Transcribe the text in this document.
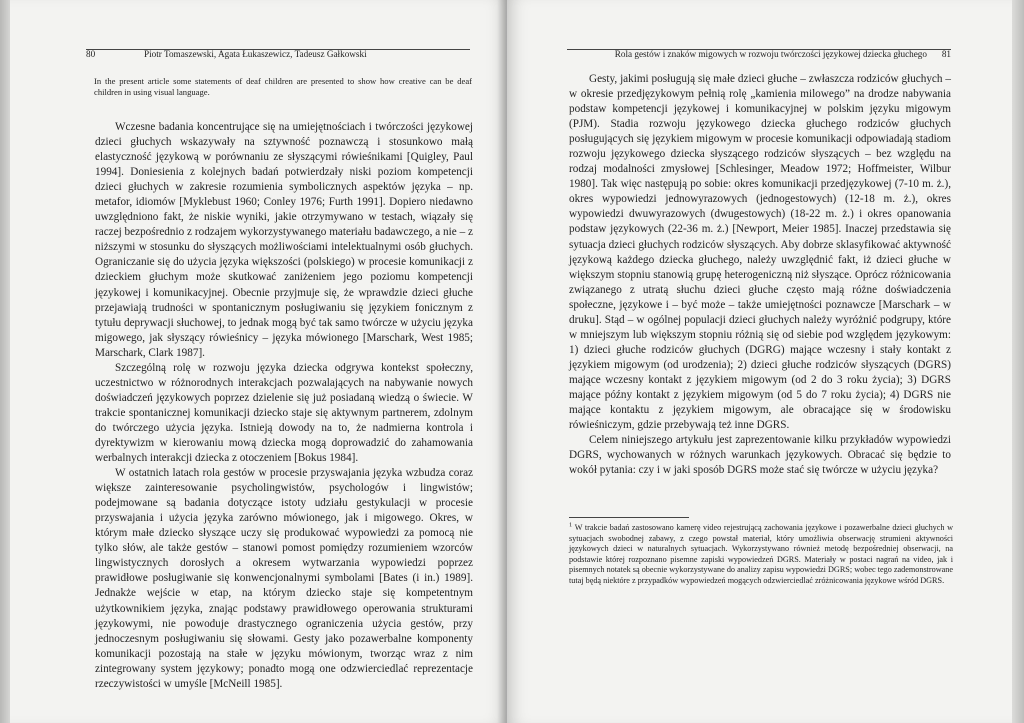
80	Piotr Tomaszewski, Agata Łukaszewicz, Tadeusz Gałkowski
In the present article some statements of deaf children are presented to show how creative can be deaf children in using visual language.

Wczesne badania koncentrujące się na umiejętnościach i twórczości językowej dzieci głuchych wskazywały na sztywność poznawczą i stosunkowo małą elastyczność językową w porównaniu ze słyszącymi rówieśnikami [Quigley, Paul 1994]. Doniesienia z kolejnych badań potwierdzały niski poziom kompetencji dzieci głuchych w zakresie rozumienia symbolicznych aspektów języka – np. metafor, idiomów [Myklebust 1960; Conley 1976; Furth 1991]. Dopiero niedawno uwzględniono fakt, że niskie wyniki, jakie otrzymywano w testach, wiązały się raczej bezpośrednio z rodzajem wykorzystywanego materiału badawczego, a nie – z niższymi w stosunku do słyszących możliwościami intelektualnymi osób głuchych. Ograniczanie się do użycia języka większości (polskiego) w procesie komunikacji z dzieckiem głuchym może skutkować zaniżeniem jego poziomu kompetencji językowej i komunikacyjnej. Obecnie przyjmuje się, że wprawdzie dzieci głuche przejawiają trudności w spontanicznym posługiwaniu się językiem fonicznym z tytułu deprywacji słuchowej, to jednak mogą być tak samo twórcze w użyciu języka migowego, jak słyszący rówieśnicy – języka mówionego [Marschark, West 1985; Marschark, Clark 1987].

Szczególną rolę w rozwoju języka dziecka odgrywa kontekst społeczny, uczestnictwo w różnorodnych interakcjach pozwalających na nabywanie nowych doświadczeń językowych poprzez dzielenie się już posiadaną wiedzą o świecie. W trakcie spontanicznej komunikacji dziecko staje się aktywnym partnerem, zdolnym do twórczego użycia języka. Istnieją dowody na to, że nadmierna kontrola i dyrektywizm w kierowaniu mową dziecka mogą doprowadzić do zahamowania werbalnych interakcji dziecka z otoczeniem [Bokus 1984].

W ostatnich latach rola gestów w procesie przyswajania języka wzbudza coraz większe zainteresowanie psycholingwistów, psychologów i lingwistów; podejmowane są badania dotyczące istoty udziału gestykulacji w procesie przyswajania i użycia języka zarówno mówionego, jak i migowego. Okres, w którym małe dziecko słyszące uczy się produkować wypowiedzi za pomocą nie tylko słów, ale także gestów – stanowi pomost pomiędzy rozumieniem wzorców lingwistycznych dorosłych a okresem wytwarzania wypowiedzi poprzez prawidłowe posługiwanie się konwencjonalnymi symbolami [Bates (i in.) 1989]. Jednakże wejście w etap, na którym dziecko staje się kompetentnym użytkownikiem języka, znając podstawy prawidłowego operowania strukturami językowymi, nie powoduje drastycznego ograniczenia użycia gestów, przy jednoczesnym posługiwaniu się słowami. Gesty jako pozawerbalne komponenty komunikacji pozostają na stałe w języku mówionym, tworząc wraz z nim zintegrowany system językowy; ponadto mogą one odzwierciedlać reprezentacje rzeczywistości w umyśle [McNeill 1985].

Rola gestów i znaków migowych w rozwoju twórczości językowej dziecka głuchego 81

Gesty, jakimi posługują się małe dzieci głuche – zwłaszcza rodziców głuchych – w okresie przedjęzykowym pełnią rolę „kamienia milowego” na drodze nabywania podstaw kompetencji językowej i komunikacyjnej w polskim języku migowym (PJM). Stadia rozwoju językowego dziecka głuchego rodziców głuchych posługujących się językiem migowym w procesie komunikacji odpowiadają stadiom rozwoju językowego dziecka słyszącego rodziców słyszących – bez względu na rodzaj modalności zmysłowej [Schlesinger, Meadow 1972; Hoffmeister, Wilbur 1980]. Tak więc następują po sobie: okres komunikacji przedjęzykowej (7-10 m. ż.), okres wypowiedzi jednowyrazowych (jednogestowych) (12-18 m. ż.), okres wypowiedzi dwuwyrazowych (dwugestowych) (18-22 m. ż.) i okres opanowania podstaw językowych (22-36 m. ż.) [Newport, Meier 1985]. Inaczej przedstawia się sytuacja dzieci głuchych rodziców słyszących. Aby dobrze sklasyfikować aktywność językową każdego dziecka głuchego, należy uwzględnić fakt, iż dzieci głuche w większym stopniu stanowią grupę heterogeniczną niż słyszące. Oprócz różnicowania związanego z utratą słuchu dzieci głuche często mają różne doświadczenia społeczne, językowe i – być może – także umiejętności poznawcze [Marschark – w druku]. Stąd – w ogólnej populacji dzieci głuchych należy wyróżnić podgrupy, które w mniejszym lub większym stopniu różnią się od siebie pod względem językowym: 1) dzieci głuche rodziców głuchych (DGRG) mające wczesny i stały kontakt z językiem migowym (od urodzenia); 2) dzieci głuche rodziców słyszących (DGRS) mające wczesny kontakt z językiem migowym (od 2 do 3 roku życia); 3) DGRS mające późny kontakt z językiem migowym (od 5 do 7 roku życia); 4) DGRS nie mające kontaktu z językiem migowym, ale obracające się w środowisku rówieśniczym, gdzie przebywają też inne DGRS.

Celem niniejszego artykułu jest zaprezentowanie kilku przykładów wypowiedzi DGRS, wychowanych w różnych warunkach językowych. Obracać się będzie to wokół pytania: czy i w jaki sposób DGRS może stać się twórcze w użyciu języka?

$^1$ W trakcie badań zastosowano kamerę video rejestrującą zachowania językowe i pozawerbalne dzieci głuchych w sytuacjach swobodnej zabawy, z czego powstał materiał, który umożliwia obserwację strumieni aktywności językowych dzieci w naturalnych sytuacjach. Wykorzystywano również metodę bezpośredniej obserwacji, na podstawie której rozpoznano pisemne zapiski wypowiedzeń DGRS. Materiały w postaci nagrań na video, jak i pisemnych notatek są obecnie wykorzystywane do analizy zapisu wypowiedzi DGRS; wobec tego zademonstrowane tutaj będą niektóre z przypadków wypowiedzeń mogących odzwierciedlać zróżnicowania językowe wśród DGRS.
